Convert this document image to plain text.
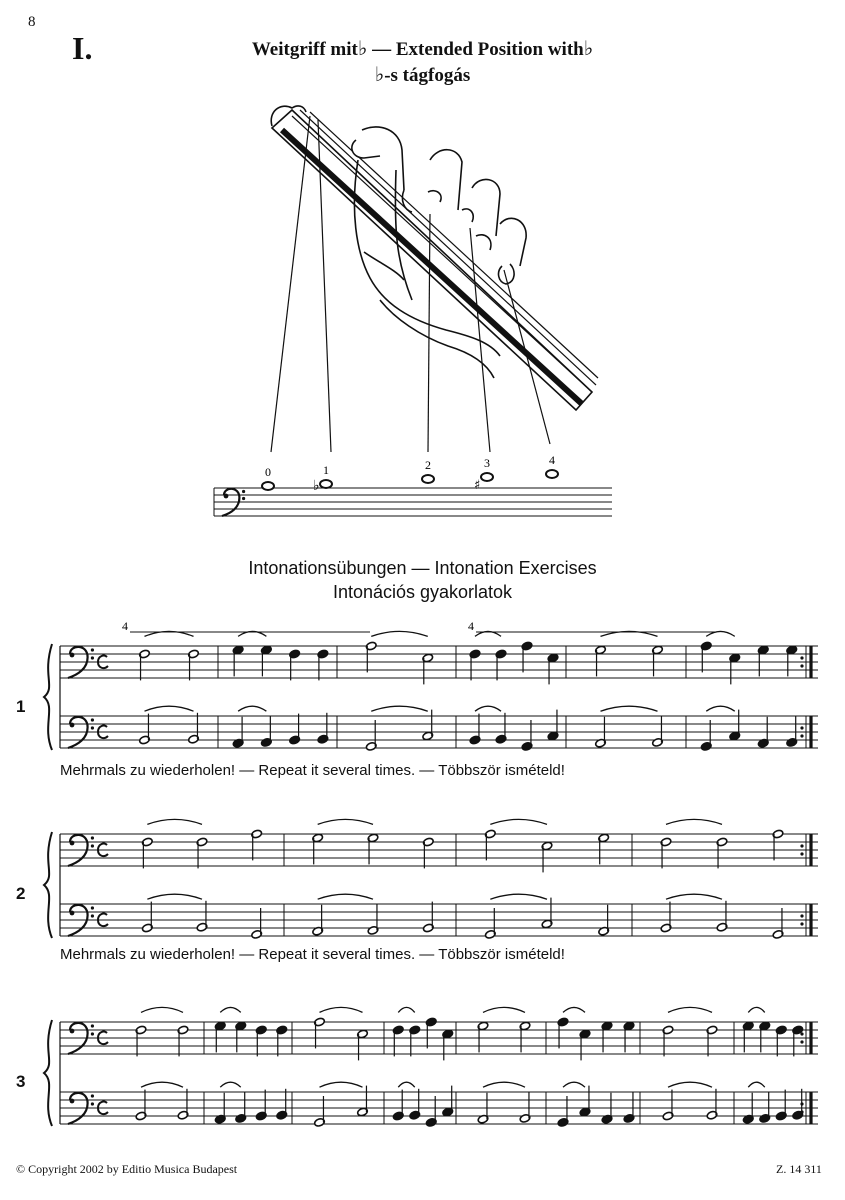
8
I.	Weitgriff mit♭ — Extended Position with♭
♭-s tágfogás
Intonationsübungen — Intonation Exercises
Intonációs gyakorlatok
1
2
3
Mehrmals zu wiederholen! — Repeat it several times. — Többször ismételd!
Mehrmals zu wiederholen! — Repeat it several times. — Többször ismételd!
© Copyright 2002 by Editio Musica Budapest	Z. 14 311
0	1	2	3	4
♭	♯
4	4
